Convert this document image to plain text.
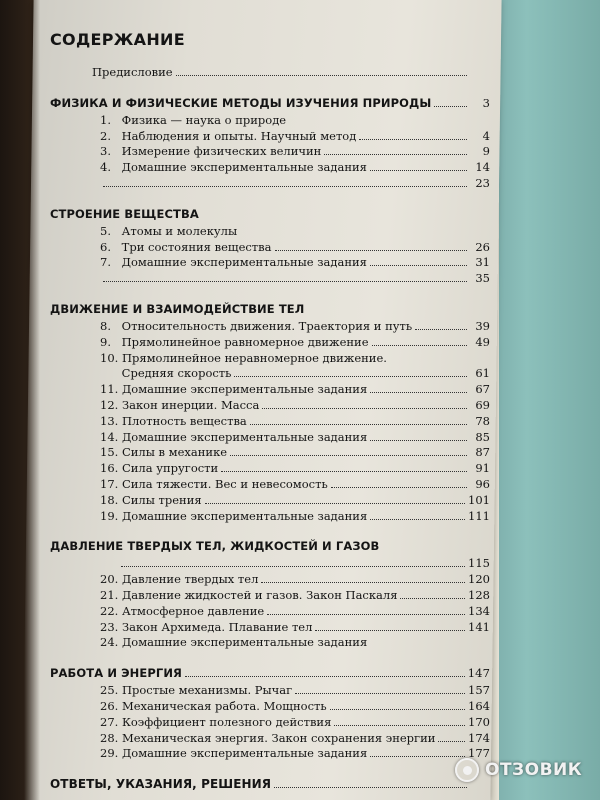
СОДЕРЖАНИЕ
Предисловие
ФИЗИКА И ФИЗИЧЕСКИЕ МЕТОДЫ ИЗУЧЕНИЯ ПРИРОДЫ	3
1. Физика — наука о природе
2. Наблюдения и опыты. Научный метод	4
3. Измерение физических величин	9
4. Домашние экспериментальные задания	14
23
СТРОЕНИЕ ВЕЩЕСТВА
5. Атомы и молекулы
6. Три состояния вещества	26
7. Домашние экспериментальные задания	31
35
ДВИЖЕНИЕ И ВЗАИМОДЕЙСТВИЕ ТЕЛ
8. Относительность движения. Траектория и путь	39
9. Прямолинейное равномерное движение	49
10. Прямолинейное неравномерное движение.
Средняя скорость	61
11. Домашние экспериментальные задания	67
12. Закон инерции. Масса	69
13. Плотность вещества	78
14. Домашние экспериментальные задания	85
15. Силы в механике	87
16. Сила упругости	91
17. Сила тяжести. Вес и невесомость	96
18. Силы трения	101
19. Домашние экспериментальные задания	111
ДАВЛЕНИЕ ТВЕРДЫХ ТЕЛ, ЖИДКОСТЕЙ И ГАЗОВ
115
20. Давление твердых тел	120
21. Давление жидкостей и газов. Закон Паскаля	128
22. Атмосферное давление	134
23. Закон Архимеда. Плавание тел	141
24. Домашние экспериментальные задания
РАБОТА И ЭНЕРГИЯ	147
25. Простые механизмы. Рычаг	157
26. Механическая работа. Мощность	164
27. Коэффициент полезного действия	170
28. Механическая энергия. Закон сохранения энергии	174
29. Домашние экспериментальные задания	177
ОТВЕТЫ, УКАЗАНИЯ, РЕШЕНИЯ
ОТЗОВИК
